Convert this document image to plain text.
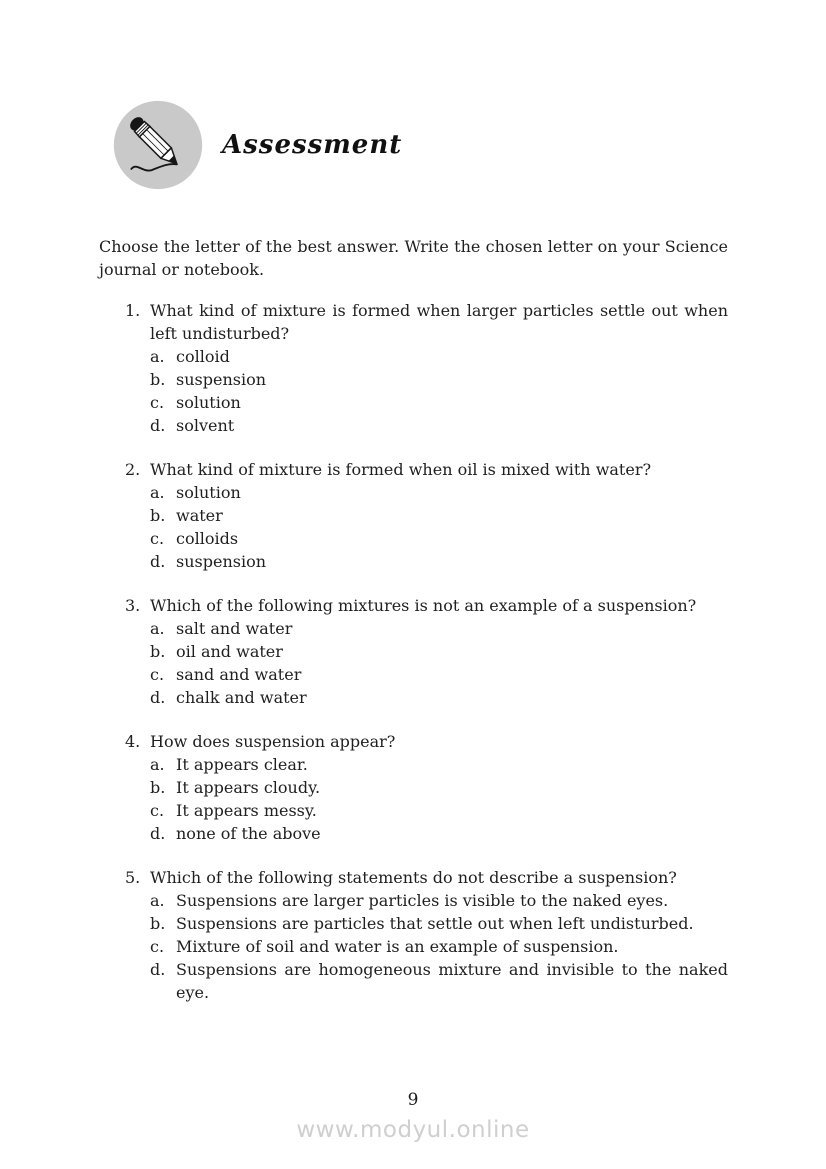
Assessment

Choose the letter of the best answer. Write the chosen letter on your Science journal or notebook.

1. What kind of mixture is formed when larger particles settle out when left undisturbed?
a. colloid
b. suspension
c. solution
d. solvent
2. What kind of mixture is formed when oil is mixed with water?
a. solution
b. water
c. colloids
d. suspension
3. Which of the following mixtures is not an example of a suspension?
a. salt and water
b. oil and water
c. sand and water
d. chalk and water
4. How does suspension appear?
a. It appears clear.
b. It appears cloudy.
c. It appears messy.
d. none of the above
5. Which of the following statements do not describe a suspension?
a. Suspensions are larger particles is visible to the naked eyes.
b. Suspensions are particles that settle out when left undisturbed.
c. Mixture of soil and water is an example of suspension.
d. Suspensions are homogeneous mixture and invisible to the naked eye.
9
www.modyul.online
